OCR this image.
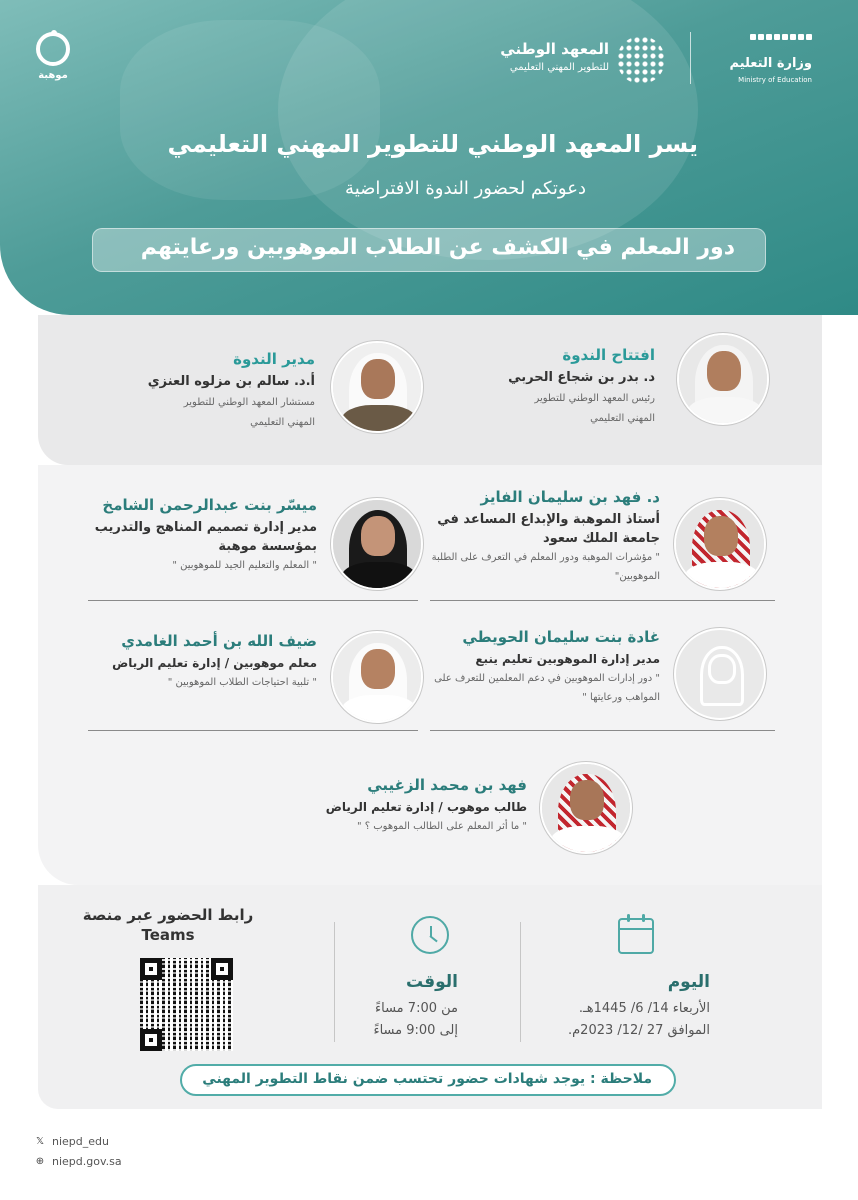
وزارة التعليم
Ministry of Education
المعهد الوطني
للتطوير المهني التعليمي
موهبة
يسر المعهد الوطني للتطوير المهني التعليمي
دعوتكم لحضور الندوة الافتراضية
دور المعلم في الكشف عن الطلاب الموهوبين ورعايتهم
افتتاح الندوة
د. بدر بن شجاع الحربي
رئيس المعهد الوطني للتطوير المهني التعليمي
مدير الندوة
أ.د. سالم بن مزلوه العنزي
مستشار المعهد الوطني للتطوير المهني التعليمي
د. فهد بن سليمان الفايز
أستاذ الموهبة والإبداع المساعد في جامعة الملك سعود
" مؤشرات الموهبة ودور المعلم في التعرف على الطلبة الموهوبين"
ميسّر بنت عبدالرحمن الشامخ
مدير إدارة تصميم المناهج والتدريب بمؤسسة موهبة
" المعلم والتعليم الجيد للموهوبين "
غادة بنت سليمان الحويطي
مدير إدارة الموهوبين تعليم ينبع
" دور إدارات الموهوبين في دعم المعلمين للتعرف على المواهب ورعايتها "
ضيف الله بن أحمد الغامدي
معلم موهوبين / إدارة تعليم الرياض
" تلبية احتياجات الطلاب الموهوبين "
فهد بن محمد الزغيبي
طالب موهوب / إدارة تعليم الرياض
" ما أثر المعلم على الطالب الموهوب ؟ "
اليوم
الأربعاء 14/ 6/ 1445هـ.
الموافق 27 /12/ 2023م.
الوقت
من 7:00 مساءً
إلى 9:00 مساءً
رابط الحضور عبر منصة
Teams
ملاحظة : يوجد شهادات حضور تحتسب ضمن نقاط التطوير المهني
𝕏 niepd_edu
⊕ niepd.gov.sa
